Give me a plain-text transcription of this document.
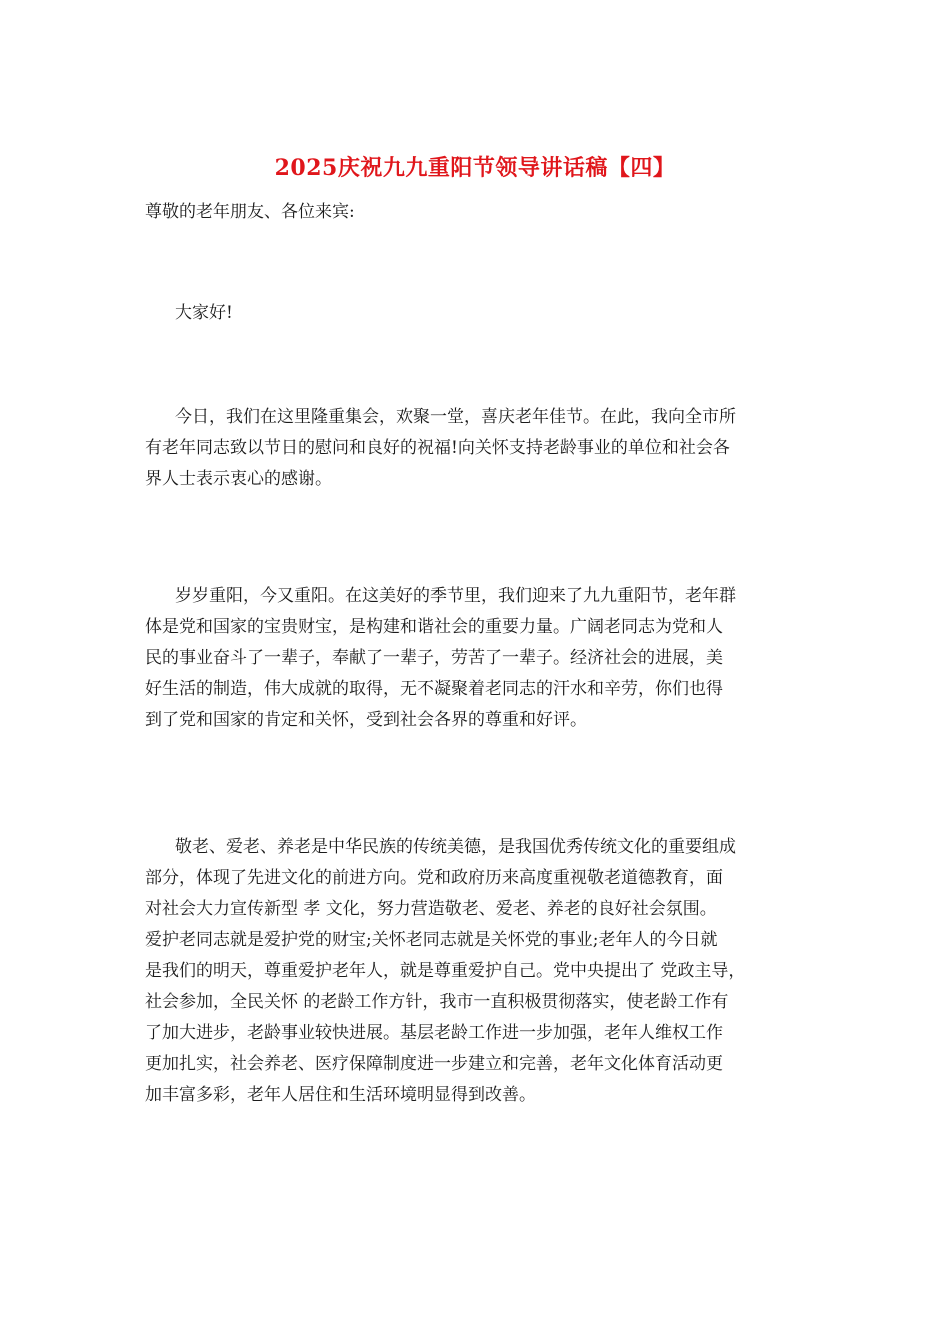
2025庆祝九九重阳节领导讲话稿【四】

尊敬的老年朋友、各位来宾:

大家好!

今日，我们在这里隆重集会，欢聚一堂，喜庆老年佳节。在此，我向全市所
有老年同志致以节日的慰问和良好的祝福!向关怀支持老龄事业的单位和社会各
界人士表示衷心的感谢。

岁岁重阳，今又重阳。在这美好的季节里，我们迎来了九九重阳节，老年群
体是党和国家的宝贵财宝，是构建和谐社会的重要力量。广阔老同志为党和人
民的事业奋斗了一辈子，奉献了一辈子，劳苦了一辈子。经济社会的进展，美
好生活的制造，伟大成就的取得，无不凝聚着老同志的汗水和辛劳，你们也得
到了党和国家的肯定和关怀，受到社会各界的尊重和好评。

敬老、爱老、养老是中华民族的传统美德，是我国优秀传统文化的重要组成
部分，体现了先进文化的前进方向。党和政府历来高度重视敬老道德教育，面
对社会大力宣传新型 孝 文化，努力营造敬老、爱老、养老的良好社会氛围。
爱护老同志就是爱护党的财宝;关怀老同志就是关怀党的事业;老年人的今日就
是我们的明天，尊重爱护老年人，就是尊重爱护自己。党中央提出了 党政主导，
社会参加，全民关怀 的老龄工作方针，我市一直积极贯彻落实，使老龄工作有
了加大进步，老龄事业较快进展。基层老龄工作进一步加强，老年人维权工作
更加扎实，社会养老、医疗保障制度进一步建立和完善，老年文化体育活动更
加丰富多彩，老年人居住和生活环境明显得到改善。
